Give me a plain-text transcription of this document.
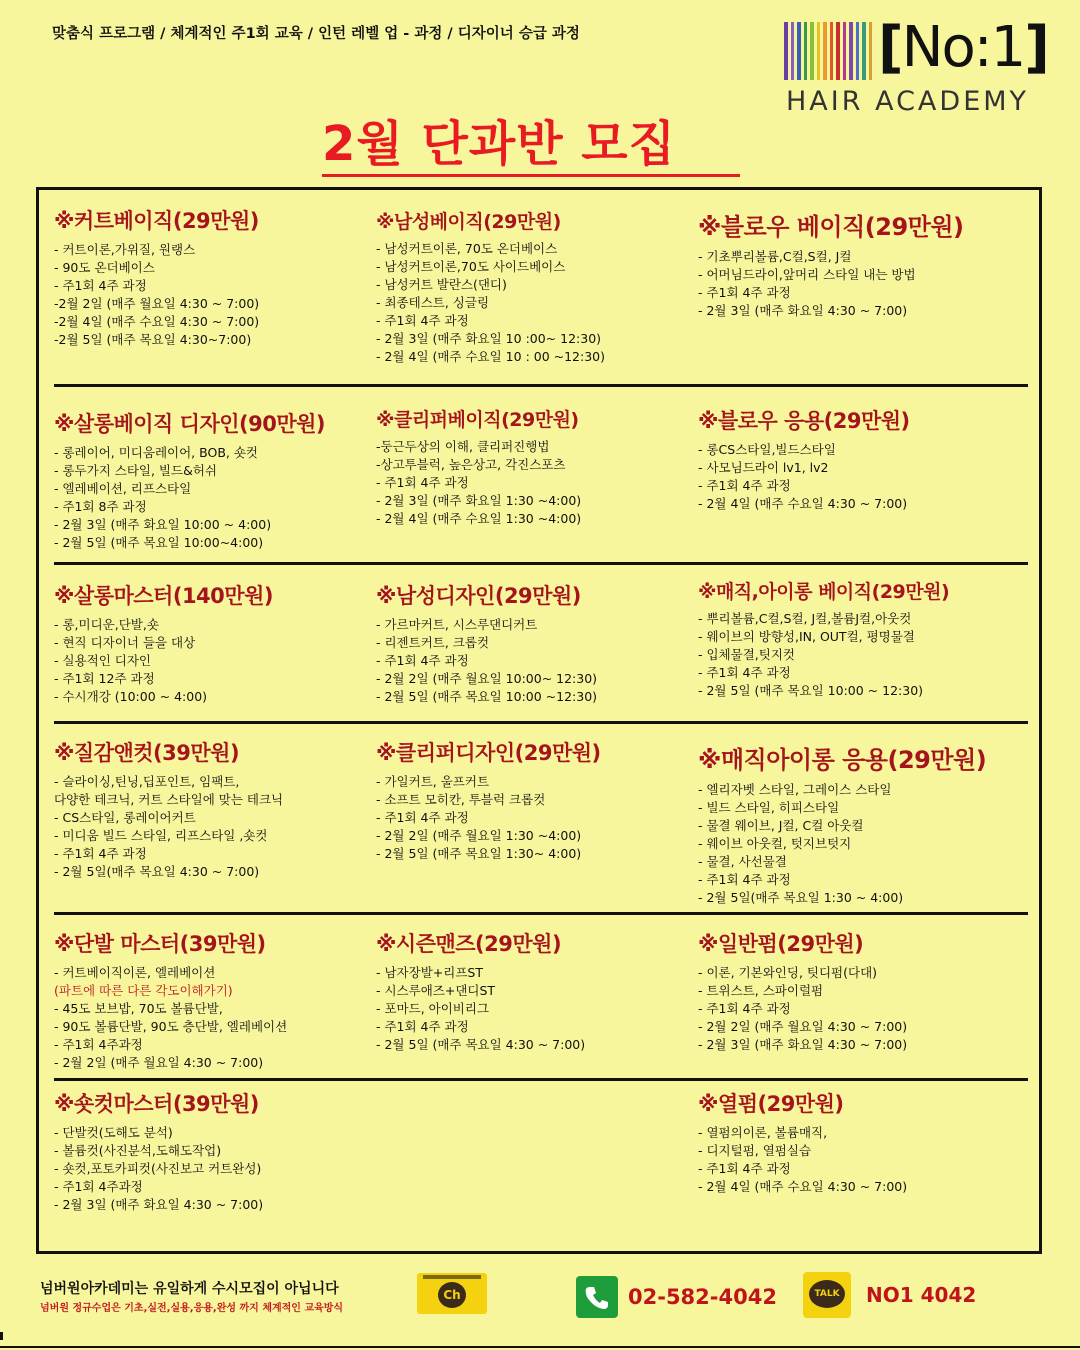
맞춤식 프로그램 / 체계적인 주1회 교육 / 인턴 레벨 업 - 과정 / 디자이너 승급 과정	[No:1]
HAIR ACADEMY
2월 단과반 모집
※커트베이직(29만원)
- 커트이론,가위질, 원랭스
- 90도 온더베이스
- 주1회 4주 과정
-2월 2일 (매주 월요일 4:30 ~ 7:00)
-2월 4일 (매주 수요일 4:30 ~ 7:00)
-2월 5일 (매주 목요일 4:30~7:00)
※남성베이직(29만원)
- 남성커트이론, 70도 온더베이스
- 남성커트이론,70도 사이드베이스
- 남성커트 발란스(댄디)
- 최종테스트, 싱글링
- 주1회 4주 과정
- 2월 3일 (매주 화요일 10 :00~ 12:30)
- 2월 4일 (매주 수요일 10 : 00 ~12:30)
※블로우 베이직(29만원)
- 기초뿌리볼륨,C컬,S컬, J컬
- 어머님드라이,앞머리 스타일 내는 방법
- 주1회 4주 과정
- 2월 3일 (매주 화요일 4:30 ~ 7:00)
※살롱베이직 디자인(90만원)
- 롱레이어, 미디움레이어, BOB, 숏컷
- 롱두가지 스타일, 빌드&허쉬
- 엘레베이션, 리프스타일
- 주1회 8주 과정
- 2월 3일 (매주 화요일 10:00 ~ 4:00)
- 2월 5일 (매주 목요일 10:00~4:00)
※클리퍼베이직(29만원)
-둥근두상의 이해, 클리퍼진행법
-상고투블럭, 높은상고, 각진스포츠
- 주1회 4주 과정
- 2월 3일 (매주 화요일 1:30 ~4:00)
- 2월 4일 (매주 수요일 1:30 ~4:00)
※블로우 응용(29만원)
- 롱CS스타일,빌드스타일
- 사모님드라이 lv1, lv2
- 주1회 4주 과정
- 2월 4일 (매주 수요일 4:30 ~ 7:00)
※살롱마스터(140만원)
- 롱,미디운,단발,숏
- 현직 디자이너 들을 대상
- 실용적인 디자인
- 주1회 12주 과정
- 수시개강 (10:00 ~ 4:00)
※남성디자인(29만원)
- 가르마커트, 시스루댄디커트
- 리젠트커트, 크롭컷
- 주1회 4주 과정
- 2월 2일 (매주 월요일 10:00~ 12:30)
- 2월 5일 (매주 목요일 10:00 ~12:30)
※매직,아이롱 베이직(29만원)
- 뿌리볼륨,C컬,S컬, J컬,볼륨J컬,아웃컷
- 웨이브의 방향성,IN, OUT컬, 평명물결
- 입체물결,팃지컷
- 주1회 4주 과정
- 2월 5일 (매주 목요일 10:00 ~ 12:30)
※질감앤컷(39만원)
- 슬라이싱,틴닝,딥포인트, 임팩트,
다양한 테크닉, 커트 스타일에 맞는 테크닉
- CS스타일, 롱레이어커트
- 미디움 빌드 스타일, 리프스타일 ,숏컷
- 주1회 4주 과정
- 2월 5일(매주 목요일 4:30 ~ 7:00)
※클리퍼디자인(29만원)
- 가일커트, 울프커트
- 소프트 모히칸, 투블럭 크롭컷
- 주1회 4주 과정
- 2월 2일 (매주 월요일 1:30 ~4:00)
- 2월 5일 (매주 목요일 1:30~ 4:00)
※매직아이롱 응용(29만원)
- 엘리자벳 스타일, 그레이스 스타일
- 빌드 스타일, 히피스타일
- 물결 웨이브, J컬, C컬 아웃컬
- 웨이브 아웃컬, 텃지브텃지
- 물결, 사선물결
- 주1회 4주 과정
- 2월 5일(매주 목요일 1:30 ~ 4:00)
※단발 마스터(39만원)
- 커트베이직이론, 엘레베이션
(파트에 따른 다른 각도이해가기)
- 45도 보브밥, 70도 볼륨단발,
- 90도 볼륨단발, 90도 층단발, 엘레베이션
- 주1회 4주과정
- 2월 2일 (매주 월요일 4:30 ~ 7:00)
※시즌맨즈(29만원)
- 남자장발+리프ST
- 시스루애즈+댄디ST
- 포마드, 아이비리그
- 주1회 4주 과정
- 2월 5일 (매주 목요일 4:30 ~ 7:00)
※일반펌(29만원)
- 이론, 기본와인딩, 팃디펌(다대)
- 트위스트, 스파이럴펌
- 주1회 4주 과정
- 2월 2일 (매주 월요일 4:30 ~ 7:00)
- 2월 3일 (매주 화요일 4:30 ~ 7:00)
※숏컷마스터(39만원)
- 단발컷(도해도 분석)
- 볼륨컷(사진분석,도해도작업)
- 숏컷,포토카피컷(사진보고 커트완성)
- 주1회 4주과정
- 2월 3일 (매주 화요일 4:30 ~ 7:00)
※열펌(29만원)
- 열펌의이론, 볼륨매직,
- 디지털펌, 열펌실습
- 주1회 4주 과정
- 2월 4일 (매주 수요일 4:30 ~ 7:00)
넘버원아카데미는 유일하게 수시모집이 아닙니다
넘버원 정규수업은 기초,실전,실용,응용,완성 까지 체계적인 교육방식
Ch	02-582-4042	TALK NO1 4042
